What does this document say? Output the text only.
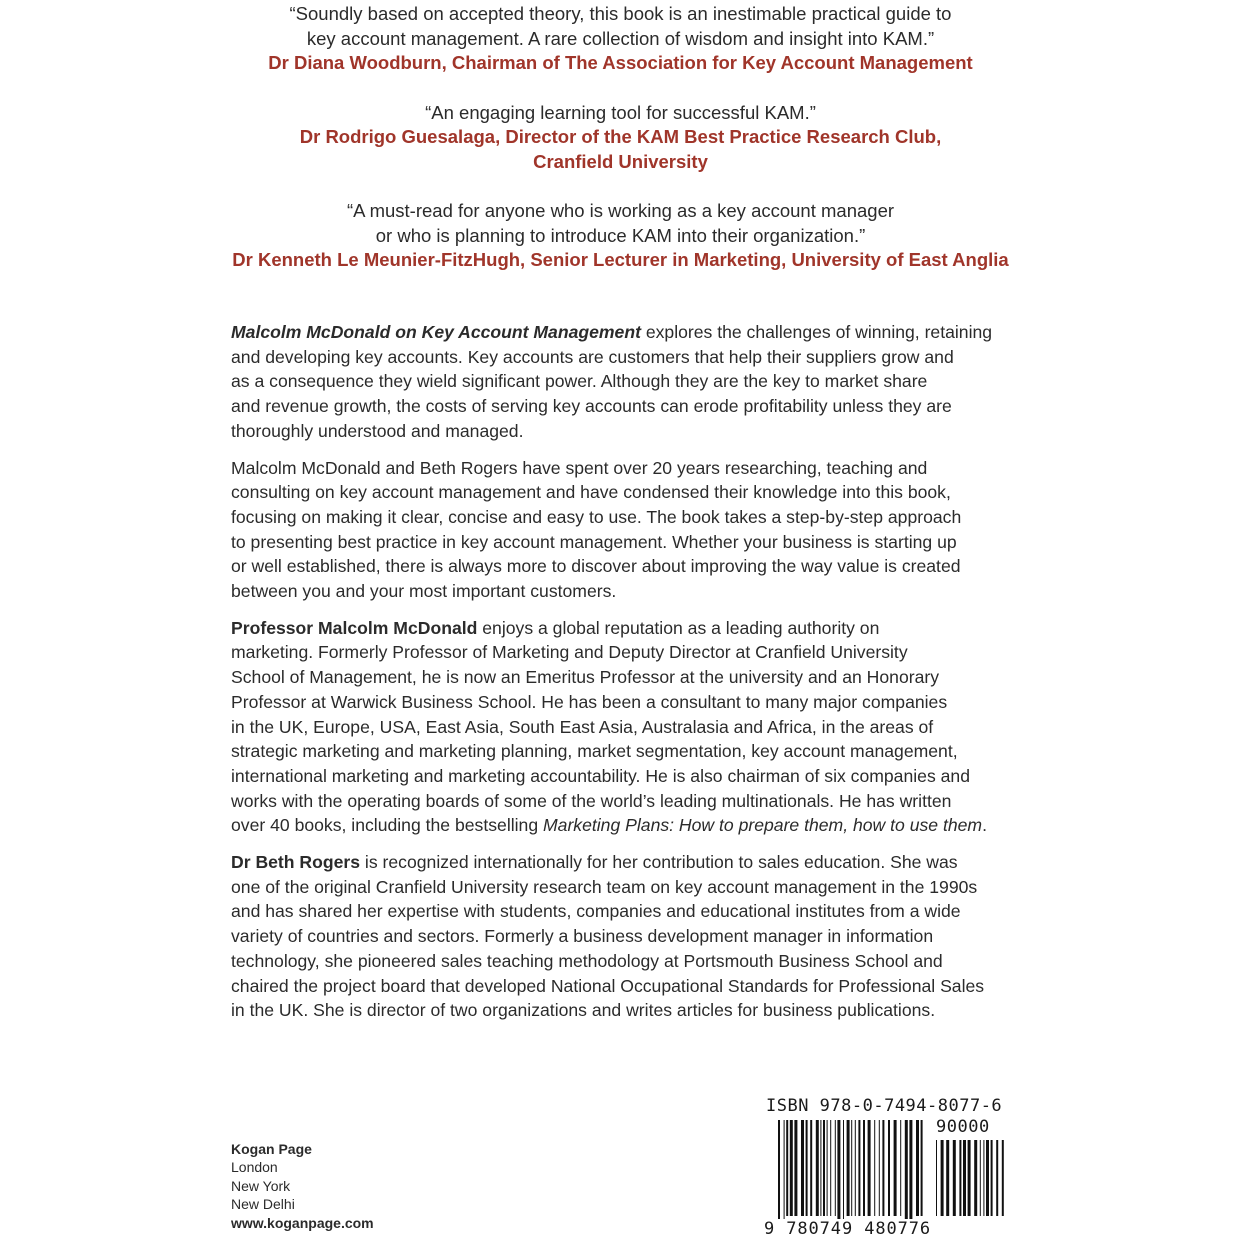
“Soundly based on accepted theory, this book is an inestimable practical guide to
key account management. A rare collection of wisdom and insight into KAM.”
Dr Diana Woodburn, Chairman of The Association for Key Account Management
“An engaging learning tool for successful KAM.”
Dr Rodrigo Guesalaga, Director of the KAM Best Practice Research Club,
Cranfield University
“A must-read for anyone who is working as a key account manager
or who is planning to introduce KAM into their organization.”
Dr Kenneth Le Meunier-FitzHugh, Senior Lecturer in Marketing, University of East Anglia

Malcolm McDonald on Key Account Management explores the challenges of winning, retaining
and developing key accounts. Key accounts are customers that help their suppliers grow and
as a consequence they wield significant power. Although they are the key to market share
and revenue growth, the costs of serving key accounts can erode profitability unless they are
thoroughly understood and managed.

Malcolm McDonald and Beth Rogers have spent over 20 years researching, teaching and
consulting on key account management and have condensed their knowledge into this book,
focusing on making it clear, concise and easy to use. The book takes a step-by-step approach
to presenting best practice in key account management. Whether your business is starting up
or well established, there is always more to discover about improving the way value is created
between you and your most important customers.

Professor Malcolm McDonald enjoys a global reputation as a leading authority on
marketing. Formerly Professor of Marketing and Deputy Director at Cranfield University
School of Management, he is now an Emeritus Professor at the university and an Honorary
Professor at Warwick Business School. He has been a consultant to many major companies
in the UK, Europe, USA, East Asia, South East Asia, Australasia and Africa, in the areas of
strategic marketing and marketing planning, market segmentation, key account management,
international marketing and marketing accountability. He is also chairman of six companies and
works with the operating boards of some of the world’s leading multinationals. He has written
over 40 books, including the bestselling Marketing Plans: How to prepare them, how to use them.

Dr Beth Rogers is recognized internationally for her contribution to sales education. She was
one of the original Cranfield University research team on key account management in the 1990s
and has shared her expertise with students, companies and educational institutes from a wide
variety of countries and sectors. Formerly a business development manager in information
technology, she pioneered sales teaching methodology at Portsmouth Business School and
chaired the project board that developed National Occupational Standards for Professional Sales
in the UK. She is director of two organizations and writes articles for business publications.

Kogan Page
London
New York
New Delhi
www.koganpage.com
ISBN 978-0-7494-8077-6
90000
9 780749 480776
